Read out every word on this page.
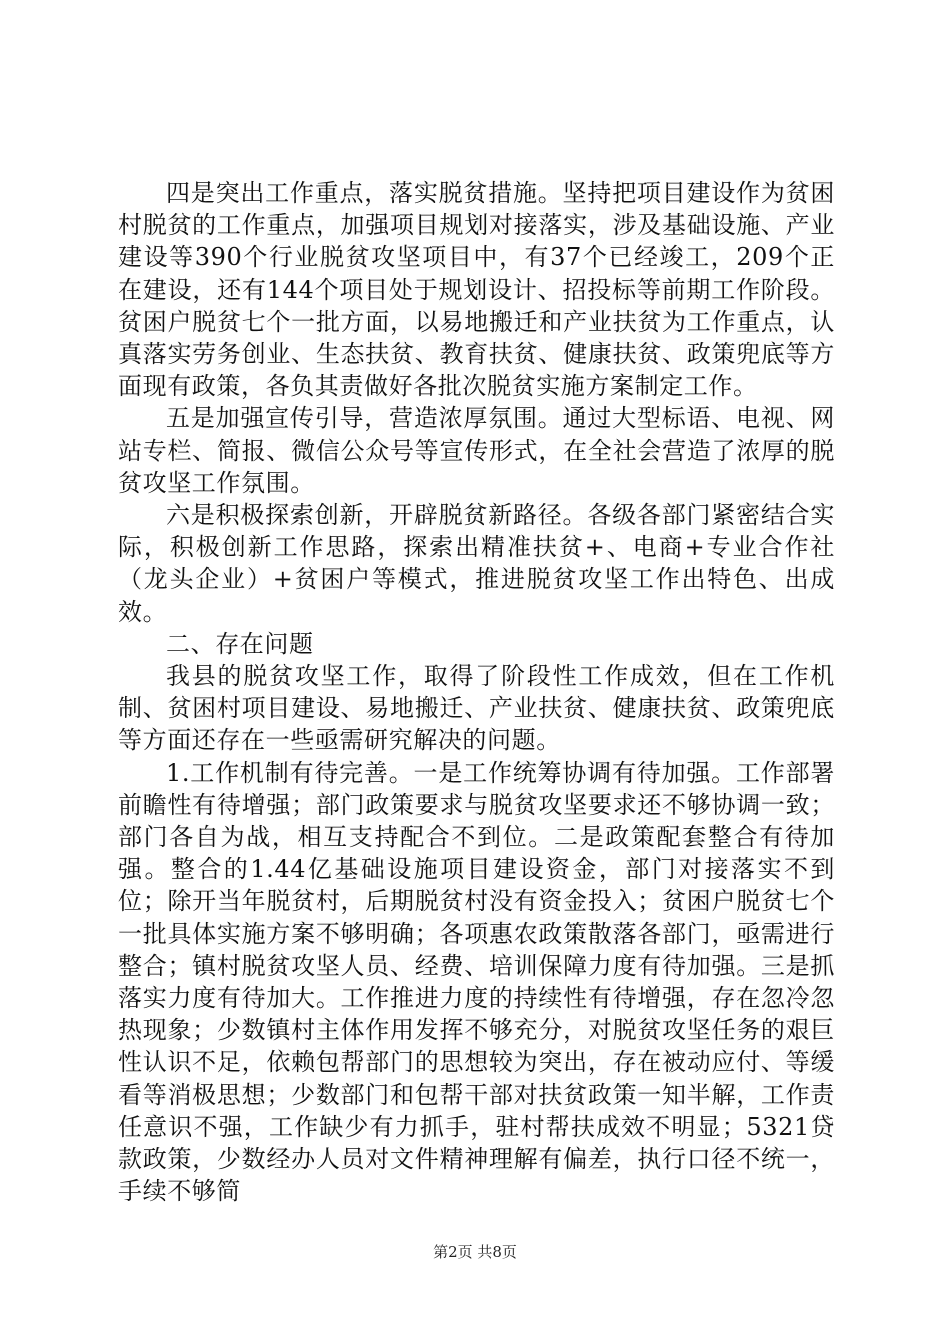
四是突出工作重点，落实脱贫措施。坚持把项目建设作为贫困村脱贫的工作重点，加强项目规划对接落实，涉及基础设施、产业建设等390个行业脱贫攻坚项目中，有37个已经竣工，209个正在建设，还有144个项目处于规划设计、招投标等前期工作阶段。贫困户脱贫七个一批方面，以易地搬迁和产业扶贫为工作重点，认真落实劳务创业、生态扶贫、教育扶贫、健康扶贫、政策兜底等方面现有政策，各负其责做好各批次脱贫实施方案制定工作。

五是加强宣传引导，营造浓厚氛围。通过大型标语、电视、网站专栏、简报、微信公众号等宣传形式，在全社会营造了浓厚的脱贫攻坚工作氛围。

六是积极探索创新，开辟脱贫新路径。各级各部门紧密结合实际，积极创新工作思路，探索出精准扶贫+、电商+专业合作社（龙头企业）+贫困户等模式，推进脱贫攻坚工作出特色、出成效。

二、存在问题

我县的脱贫攻坚工作，取得了阶段性工作成效，但在工作机制、贫困村项目建设、易地搬迁、产业扶贫、健康扶贫、政策兜底等方面还存在一些亟需研究解决的问题。

1.工作机制有待完善。一是工作统筹协调有待加强。工作部署前瞻性有待增强；部门政策要求与脱贫攻坚要求还不够协调一致；部门各自为战，相互支持配合不到位。二是政策配套整合有待加强。整合的1.44亿基础设施项目建设资金，部门对接落实不到位；除开当年脱贫村，后期脱贫村没有资金投入；贫困户脱贫七个一批具体实施方案不够明确；各项惠农政策散落各部门，亟需进行整合；镇村脱贫攻坚人员、经费、培训保障力度有待加强。三是抓落实力度有待加大。工作推进力度的持续性有待增强，存在忽冷忽热现象；少数镇村主体作用发挥不够充分，对脱贫攻坚任务的艰巨性认识不足，依赖包帮部门的思想较为突出，存在被动应付、等缓看等消极思想；少数部门和包帮干部对扶贫政策一知半解，工作责任意识不强，工作缺少有力抓手，驻村帮扶成效不明显；5321贷款政策，少数经办人员对文件精神理解有偏差，执行口径不统一，手续不够简

第2页 共8页
